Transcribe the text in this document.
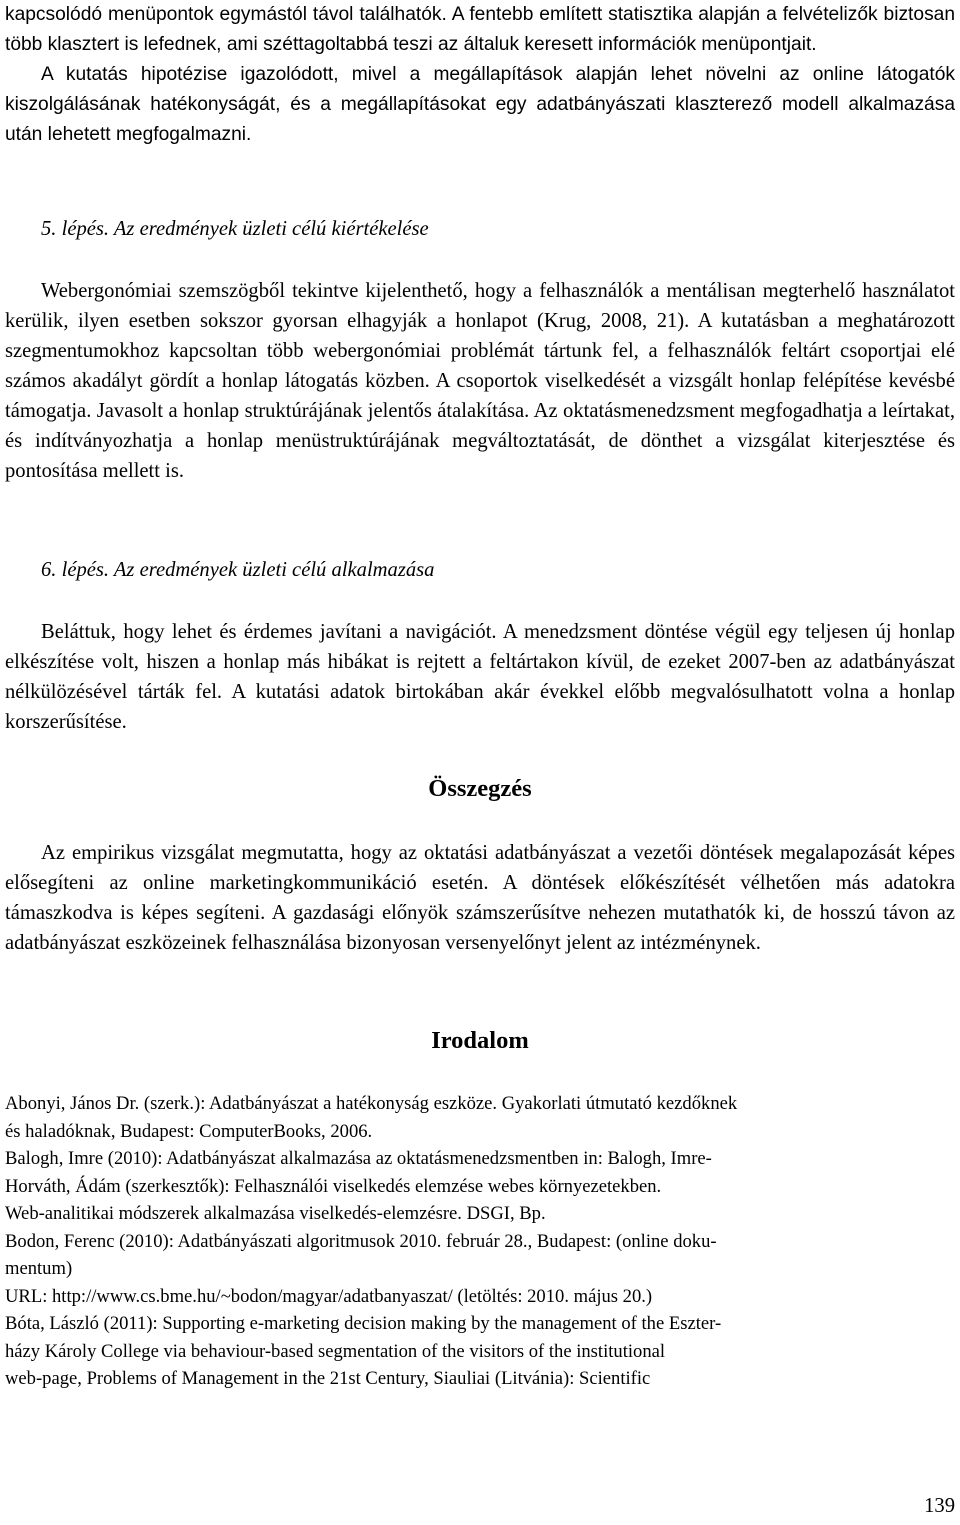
kapcsolódó menüpontok egymástól távol találhatók. A fentebb említett statisztika alapján a felvételizők biztosan több klasztert is lefednek, ami széttagoltabbá teszi az általuk keresett információk menüpontjait.

A kutatás hipotézise igazolódott, mivel a megállapítások alapján lehet növelni az online látogatók kiszolgálásának hatékonyságát, és a megállapításokat egy adatbányászati klaszterező modell alkalmazása után lehetett megfogalmazni.

5. lépés. Az eredmények üzleti célú kiértékelése

Webergonómiai szemszögből tekintve kijelenthető, hogy a felhasználók a mentálisan megterhelő használatot kerülik, ilyen esetben sokszor gyorsan elhagyják a honlapot (Krug, 2008, 21). A kutatásban a meghatározott szegmentumokhoz kapcsoltan több webergonómiai problémát tártunk fel, a felhasználók feltárt csoportjai elé számos akadályt gördít a honlap látogatás közben. A csoportok viselkedését a vizsgált honlap felépítése kevésbé támogatja. Javasolt a honlap struktúrájának jelentős átalakítása. Az oktatásmenedzsment megfogadhatja a leírtakat, és indítványozhatja a honlap menüstruktúrájának megváltoztatását, de dönthet a vizsgálat kiterjesztése és pontosítása mellett is.

6. lépés. Az eredmények üzleti célú alkalmazása

Beláttuk, hogy lehet és érdemes javítani a navigációt. A menedzsment döntése végül egy teljesen új honlap elkészítése volt, hiszen a honlap más hibákat is rejtett a feltártakon kívül, de ezeket 2007-ben az adatbányászat nélkülözésével tárták fel. A kutatási adatok birtokában akár évekkel előbb megvalósulhatott volna a honlap korszerűsítése.

Összegzés

Az empirikus vizsgálat megmutatta, hogy az oktatási adatbányászat a vezetői döntések megalapozását képes elősegíteni az online marketingkommunikáció esetén. A döntések előkészítését vélhetően más adatokra támaszkodva is képes segíteni. A gazdasági előnyök számszerűsítve nehezen mutathatók ki, de hosszú távon az adatbányászat eszközeinek felhasználása bizonyosan versenyelőnyt jelent az intézménynek.

Irodalom

Abonyi, János Dr. (szerk.): Adatbányászat a hatékonyság eszköze. Gyakorlati útmutató kezdőknek
és haladóknak, Budapest: ComputerBooks, 2006.

Balogh, Imre (2010): Adatbányászat alkalmazása az oktatásmenedzsmentben in: Balogh, Imre-
Horváth, Ádám (szerkesztők): Felhasználói viselkedés elemzése webes környezetekben.
Web-analitikai módszerek alkalmazása viselkedés-elemzésre. DSGI, Bp.

Bodon, Ferenc (2010): Adatbányászati algoritmusok 2010. február 28., Budapest: (online doku-
mentum)
URL: http://www.cs.bme.hu/~bodon/magyar/adatbanyaszat/ (letöltés: 2010. május 20.)

Bóta, László (2011): Supporting e-marketing decision making by the management of the Eszter-
házy Károly College via behaviour-based segmentation of the visitors of the institutional
web-page, Problems of Management in the 21st Century, Siauliai (Litvánia): Scientific

139
